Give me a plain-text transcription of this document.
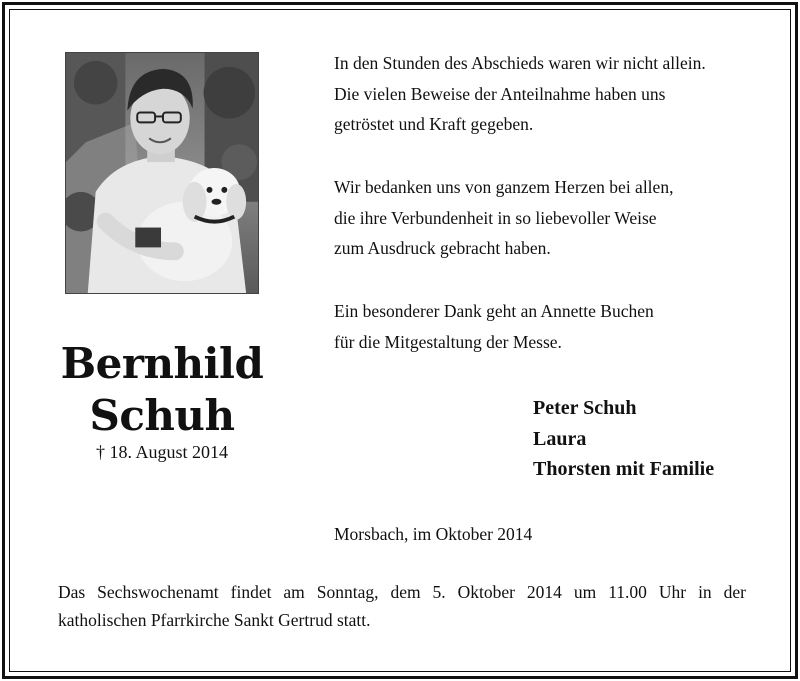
Bernhild
Schuh
† 18. August 2014

In den Stunden des Abschieds waren wir nicht allein.

Die vielen Beweise der Anteilnahme haben uns

getröstet und Kraft gegeben.

Wir bedanken uns von ganzem Herzen bei allen,

die ihre Verbundenheit in so liebevoller Weise

zum Ausdruck gebracht haben.

Ein besonderer Dank geht an Annette Buchen

für die Mitgestaltung der Messe.

Peter Schuh
Laura
Thorsten mit Familie
Morsbach, im Oktober 2014
Das Sechswochenamt findet am Sonntag, dem 5. Oktober 2014 um 11.00 Uhr in der
katholischen Pfarrkirche Sankt Gertrud statt.
